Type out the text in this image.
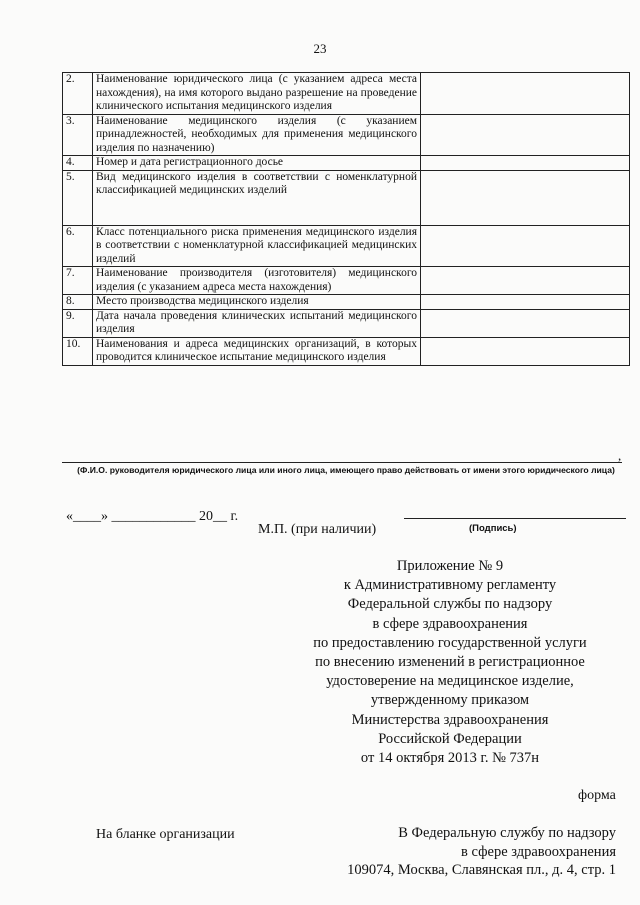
23
2.	Наименование юридического лица (с указанием адреса места нахождения), на имя которого выдано разрешение на проведение клинического испытания медицинского изделия	
3.	Наименование медицинского изделия (с указанием принадлежностей, необходимых для применения медицинского изделия по назначению)	
4.	Номер и дата регистрационного досье	
5.	Вид медицинского изделия в соответствии с номенклатурной классификацией медицинских изделий	
6.	Класс потенциального риска применения медицинского изделия в соответствии с номенклатурной классификацией медицинских изделий	
7.	Наименование производителя (изготовителя) медицинского изделия (с указанием адреса места нахождения)	
8.	Место производства медицинского изделия	
9.	Дата начала проведения клинических испытаний медицинского изделия	
10.	Наименования и адреса медицинских организаций, в которых проводится клиническое испытание медицинского изделия	
,
(Ф.И.О. руководителя юридического лица или иного лица, имеющего право действовать от имени этого юридического лица)
«____» ____________ 20__ г.
М.П. (при наличии)	(Подпись)
Приложение № 9
к Административному регламенту
Федеральной службы по надзору
в сфере здравоохранения
по предоставлению государственной услуги
по внесению изменений в регистрационное
удостоверение на медицинское изделие,
утвержденному приказом
Министерства здравоохранения
Российской Федерации
от 14 октября 2013 г. № 737н
форма
На бланке организации	В Федеральную службу по надзору
в сфере здравоохранения
109074, Москва, Славянская пл., д. 4, стр. 1
